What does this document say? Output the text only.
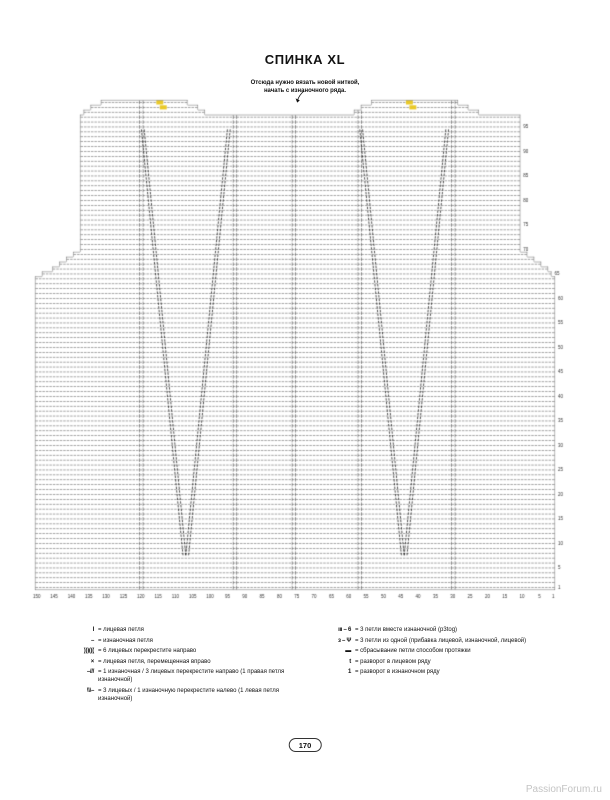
СПИНКА XL
Отсюда нужно вязать новой ниткой,
начать с изнаночного ряда.
I = лицевая петля
– = изнаночная петля
)))((( = 6 лицевых перекрестите направо
× = лицевая петля, перемещенная вправо
–/// = 1 изнаночная / 3 лицевых перекрестите направо (1 правая петля изнаночной)
\\\– = 3 лицевых / 1 изнаночную перекрестите налево (1 левая петля изнаночной)
ııı – 6 = 3 петли вместе изнаночной (p3tog)
з – Ψ = 3 петли из одной (прибавка лицевой, изнаночной, лицевой)
▬ = сбрасывание петли способом протяжки
t = разворот в лицевом ряду
1 = разворот в изнаночном ряду
170
PassionForum.ru
